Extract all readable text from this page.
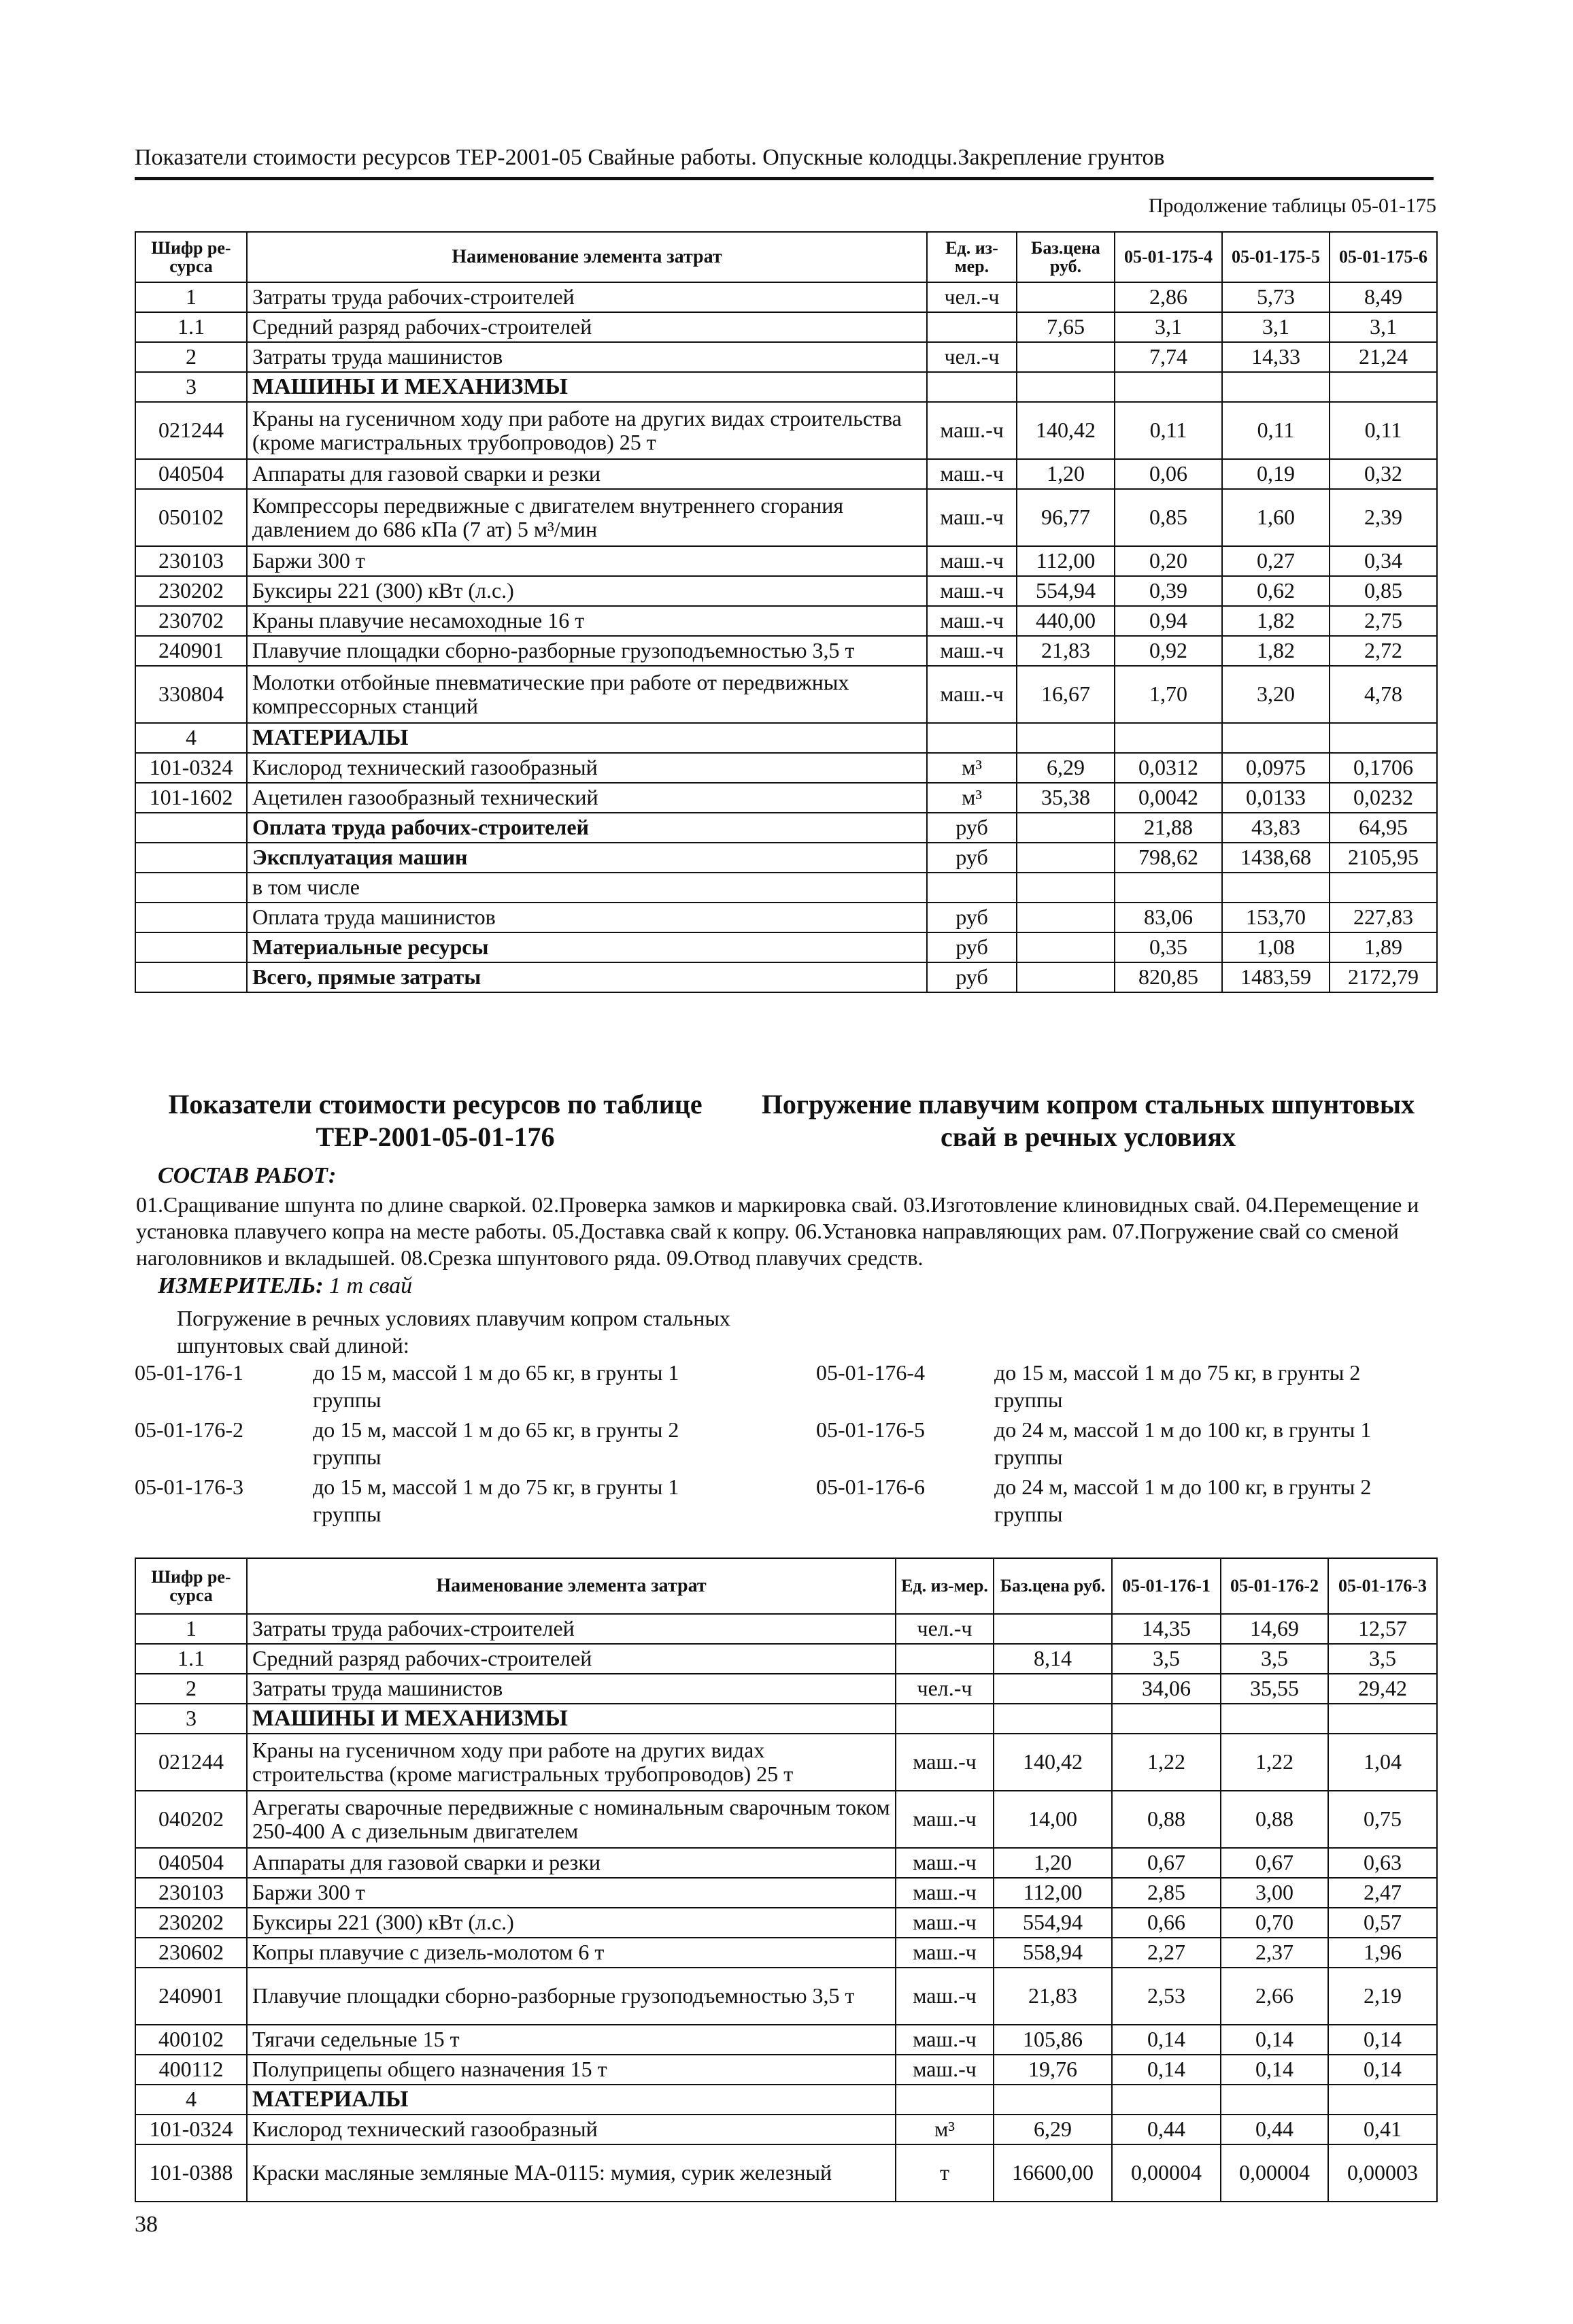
Показатели стоимости ресурсов ТЕР-2001-05 Свайные работы. Опускные колодцы.Закрепление грунтов
Продолжение таблицы 05-01-175
Шифр ре-сурса	Наименование элемента затрат	Ед. из-мер.	Баз.цена руб.	05-01-175-4	05-01-175-5	05-01-175-6
1	Затраты труда рабочих-строителей	чел.-ч		2,86	5,73	8,49
1.1	Средний разряд рабочих-строителей		7,65	3,1	3,1	3,1
2	Затраты труда машинистов	чел.-ч		7,74	14,33	21,24
3	МАШИНЫ И МЕХАНИЗМЫ					
021244	Краны на гусеничном ходу при работе на других видах строительства (кроме магистральных трубопроводов) 25 т	маш.-ч	140,42	0,11	0,11	0,11
040504	Аппараты для газовой сварки и резки	маш.-ч	1,20	0,06	0,19	0,32
050102	Компрессоры передвижные с двигателем внутреннего сгорания давлением до 686 кПа (7 ат) 5 м³/мин	маш.-ч	96,77	0,85	1,60	2,39
230103	Баржи 300 т	маш.-ч	112,00	0,20	0,27	0,34
230202	Буксиры 221 (300) кВт (л.с.)	маш.-ч	554,94	0,39	0,62	0,85
230702	Краны плавучие несамоходные 16 т	маш.-ч	440,00	0,94	1,82	2,75
240901	Плавучие площадки сборно-разборные грузоподъемностью 3,5 т	маш.-ч	21,83	0,92	1,82	2,72
330804	Молотки отбойные пневматические при работе от передвижных компрессорных станций	маш.-ч	16,67	1,70	3,20	4,78
4	МАТЕРИАЛЫ					
101-0324	Кислород технический газообразный	м³	6,29	0,0312	0,0975	0,1706
101-1602	Ацетилен газообразный технический	м³	35,38	0,0042	0,0133	0,0232
	Оплата труда рабочих-строителей	руб		21,88	43,83	64,95
	Эксплуатация машин	руб		798,62	1438,68	2105,95
	в том числе					
	Оплата труда машинистов	руб		83,06	153,70	227,83
	Материальные ресурсы	руб		0,35	1,08	1,89
	Всего, прямые затраты	руб		820,85	1483,59	2172,79
Показатели стоимости ресурсов по таблице ТЕР-2001-05-01-176
Погружение плавучим копром стальных шпунтовых свай в речных условиях
СОСТАВ РАБОТ:
01.Сращивание шпунта по длине сваркой. 02.Проверка замков и маркировка свай. 03.Изготовление клиновидных свай. 04.Перемещение и установка плавучего копра на месте работы. 05.Доставка свай к копру. 06.Установка направляющих рам. 07.Погружение свай со сменой наголовников и вкладышей. 08.Срезка шпунтового ряда. 09.Отвод плавучих средств.
ИЗМЕРИТЕЛЬ: 1 т свай
Погружение в речных условиях плавучим копром стальных шпунтовых свай длиной:
05-01-176-1	до 15 м, массой 1 м до 65 кг, в грунты 1 группы
05-01-176-2	до 15 м, массой 1 м до 65 кг, в грунты 2 группы
05-01-176-3	до 15 м, массой 1 м до 75 кг, в грунты 1 группы
05-01-176-4	до 15 м, массой 1 м до 75 кг, в грунты 2 группы
05-01-176-5	до 24 м, массой 1 м до 100 кг, в грунты 1 группы
05-01-176-6	до 24 м, массой 1 м до 100 кг, в грунты 2 группы
Шифр ре-сурса	Наименование элемента затрат	Ед. из-мер.	Баз.цена руб.	05-01-176-1	05-01-176-2	05-01-176-3
1	Затраты труда рабочих-строителей	чел.-ч		14,35	14,69	12,57
1.1	Средний разряд рабочих-строителей		8,14	3,5	3,5	3,5
2	Затраты труда машинистов	чел.-ч		34,06	35,55	29,42
3	МАШИНЫ И МЕХАНИЗМЫ					
021244	Краны на гусеничном ходу при работе на других видах строительства (кроме магистральных трубопроводов) 25 т	маш.-ч	140,42	1,22	1,22	1,04
040202	Агрегаты сварочные передвижные с номинальным сварочным током 250-400 А с дизельным двигателем	маш.-ч	14,00	0,88	0,88	0,75
040504	Аппараты для газовой сварки и резки	маш.-ч	1,20	0,67	0,67	0,63
230103	Баржи 300 т	маш.-ч	112,00	2,85	3,00	2,47
230202	Буксиры 221 (300) кВт (л.с.)	маш.-ч	554,94	0,66	0,70	0,57
230602	Копры плавучие с дизель-молотом 6 т	маш.-ч	558,94	2,27	2,37	1,96
240901	Плавучие площадки сборно-разборные грузоподъемностью 3,5 т	маш.-ч	21,83	2,53	2,66	2,19
400102	Тягачи седельные 15 т	маш.-ч	105,86	0,14	0,14	0,14
400112	Полуприцепы общего назначения 15 т	маш.-ч	19,76	0,14	0,14	0,14
4	МАТЕРИАЛЫ					
101-0324	Кислород технический газообразный	м³	6,29	0,44	0,44	0,41
101-0388	Краски масляные земляные МА-0115: мумия, сурик железный	т	16600,00	0,00004	0,00004	0,00003
38
